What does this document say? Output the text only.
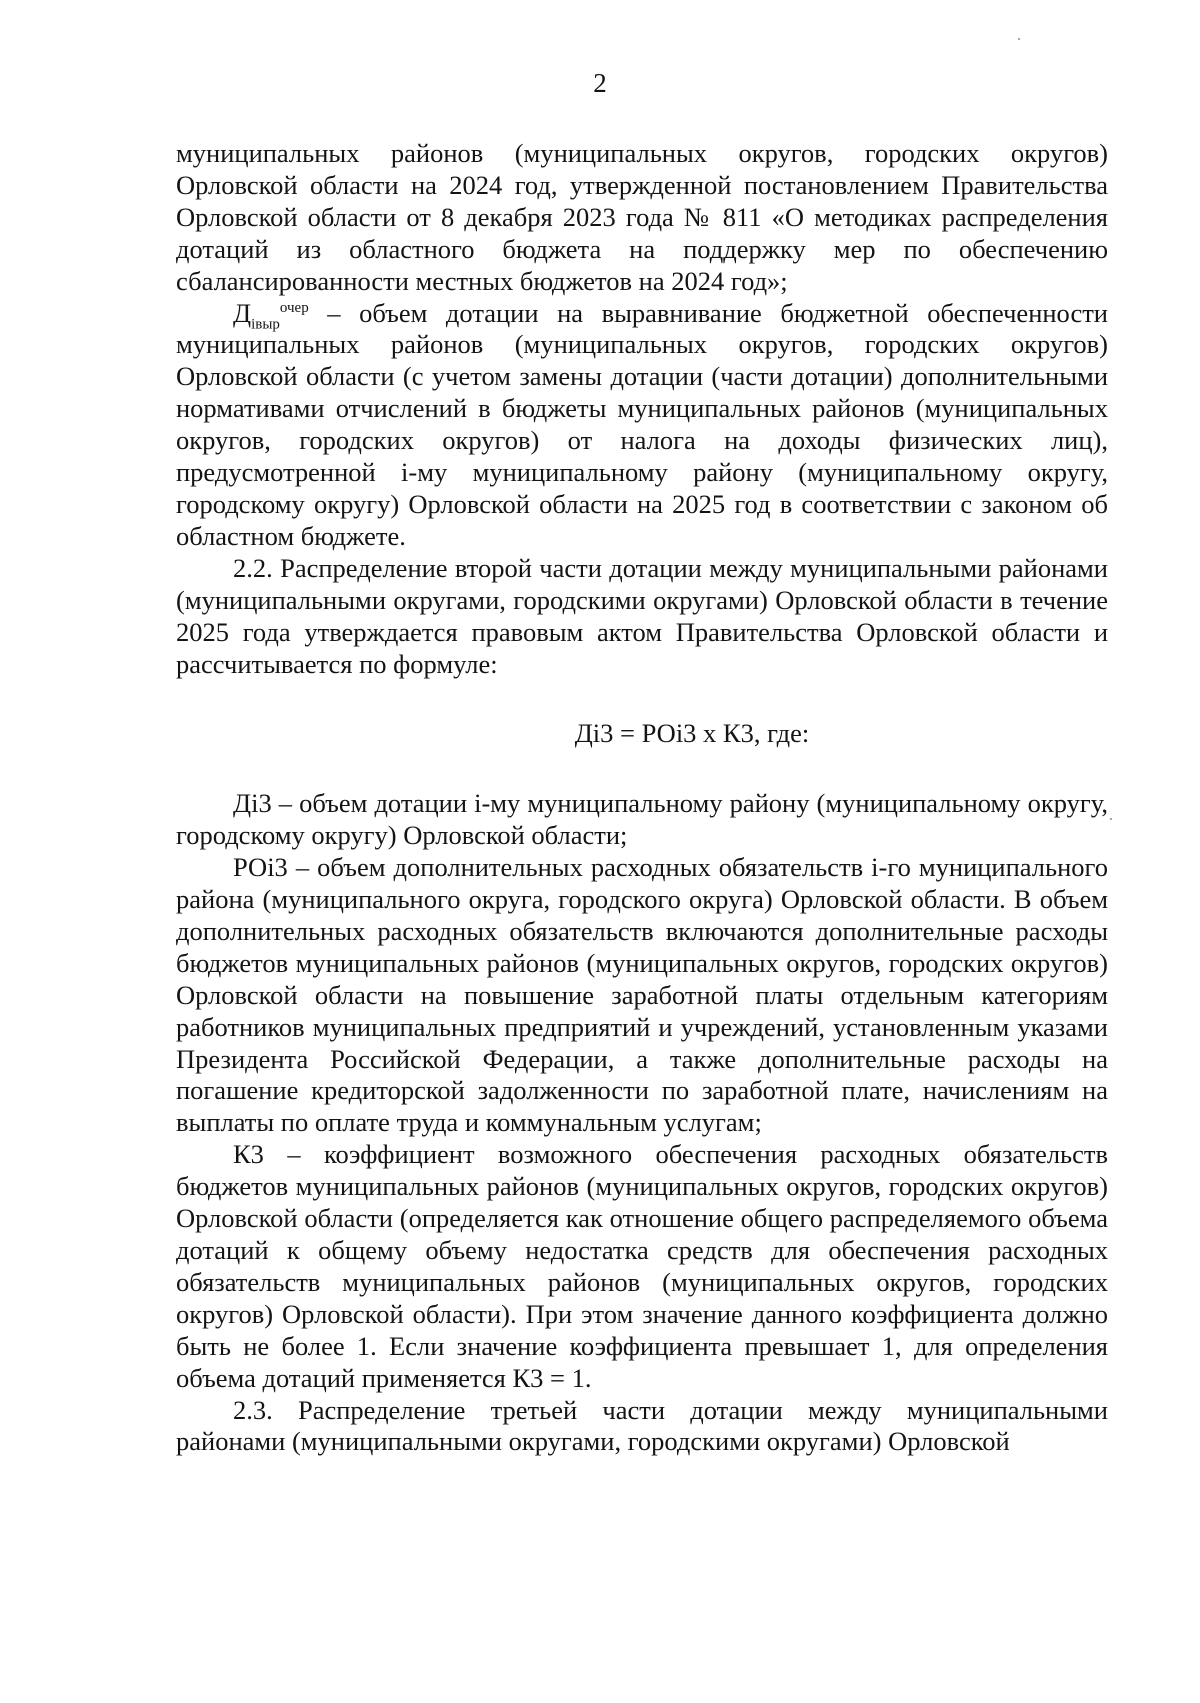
2

муниципальных районов (муниципальных округов, городских округов) Орловской области на 2024 год, утвержденной постановлением Правительства Орловской области от 8 декабря 2023 года № 811 «О методиках распределения дотаций из областного бюджета на поддержку мер по обеспечению сбалансированности местных бюджетов на 2024 год»;

$Д_{iвыр}^{очер}$ – объем дотации на выравнивание бюджетной обеспеченности муниципальных районов (муниципальных округов, городских округов) Орловской области (с учетом замены дотации (части дотации) дополнительными нормативами отчислений в бюджеты муниципальных районов (муниципальных округов, городских округов) от налога на доходы физических лиц), предусмотренной i-му муниципальному району (муниципальному округу, городскому округу) Орловской области на 2025 год в соответствии с законом об областном бюджете.

2.2. Распределение второй части дотации между муниципальными районами (муниципальными округами, городскими округами) Орловской области в течение 2025 года утверждается правовым актом Правительства Орловской области и рассчитывается по формуле:

Дi3 = РОi3 х К3, где:

Дi3 – объем дотации i-му муниципальному району (муниципальному округу, городскому округу) Орловской области;

РОi3 – объем дополнительных расходных обязательств i-го муниципального района (муниципального округа, городского округа) Орловской области. В объем дополнительных расходных обязательств включаются дополнительные расходы бюджетов муниципальных районов (муниципальных округов, городских округов) Орловской области на повышение заработной платы отдельным категориям работников муниципальных предприятий и учреждений, установленным указами Президента Российской Федерации, а также дополнительные расходы на погашение кредиторской задолженности по заработной плате, начислениям на выплаты по оплате труда и коммунальным услугам;

К3 – коэффициент возможного обеспечения расходных обязательств бюджетов муниципальных районов (муниципальных округов, городских округов) Орловской области (определяется как отношение общего распределяемого объема дотаций к общему объему недостатка средств для обеспечения расходных обязательств муниципальных районов (муниципальных округов, городских округов) Орловской области). При этом значение данного коэффициента должно быть не более 1. Если значение коэффициента превышает 1, для определения объема дотаций применяется К3 = 1.

2.3. Распределение третьей части дотации между муниципальными районами (муниципальными округами, городскими округами) Орловской
